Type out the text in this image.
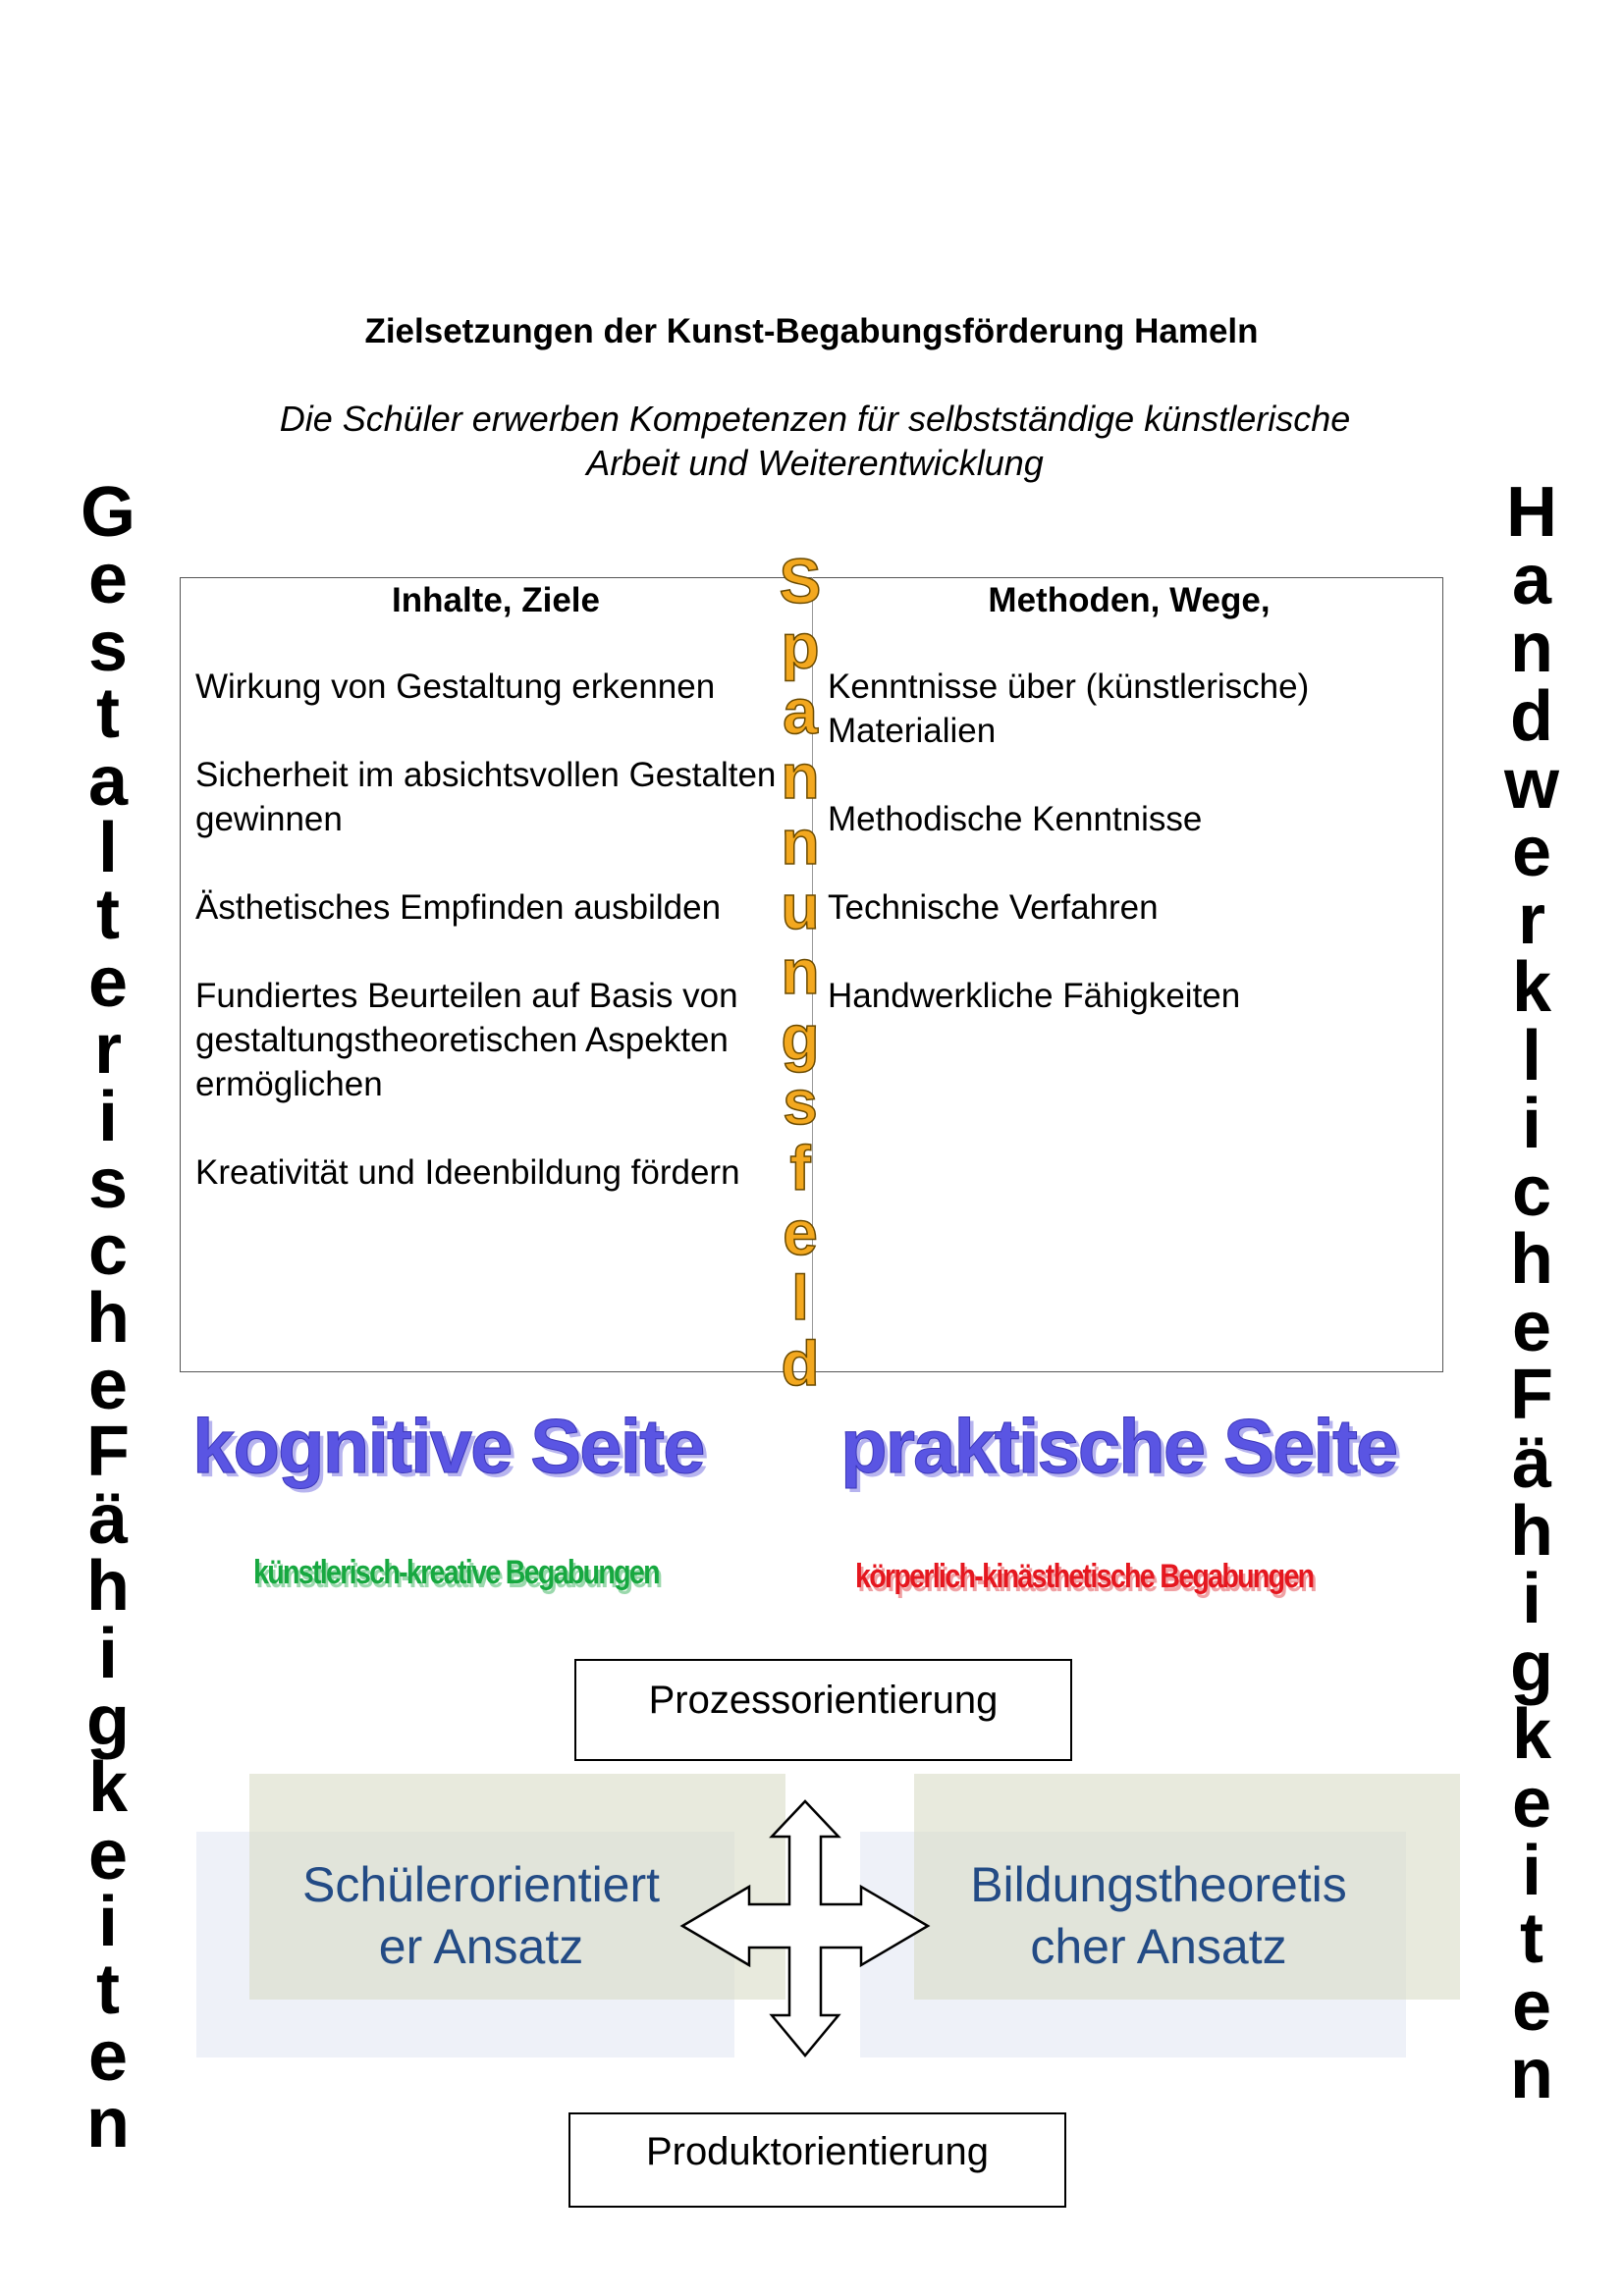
Zielsetzungen der Kunst-Begabungsförderung Hameln
Die Schüler erwerben Kompetenzen für selbstständige künstlerische
Arbeit und Weiterentwicklung
G
e
s
t
a
l
t
e
r
i
s
c
h
e
F
ä
h
i
g
k
e
i
t
e
n
H
a
n
d
w
e
r
k
l
i
c
h
e
F
ä
h
i
g
k
e
i
t
e
n
Inhalte, Ziele	Methoden, Wege,
Wirkung von Gestaltung erkennen
Sicherheit im absichtsvollen Gestalten gewinnen
Ästhetisches Empfinden ausbilden
Fundiertes Beurteilen auf Basis von gestaltungstheoretischen Aspekten ermöglichen
Kreativität und Ideenbildung fördern
Kenntnisse über (künstlerische) Materialien
Methodische Kenntnisse
Technische Verfahren
Handwerkliche Fähigkeiten
S
p
a
n
n
u
n
g
s
f
e
l
d
kognitive Seite praktische Seite
künstlerisch-kreative Begabungen	körperlich-kinästhetische Begabungen
Prozessorientierung
Schülerorientiert
er Ansatz
Bildungstheoretis
cher Ansatz
Produktorientierung
